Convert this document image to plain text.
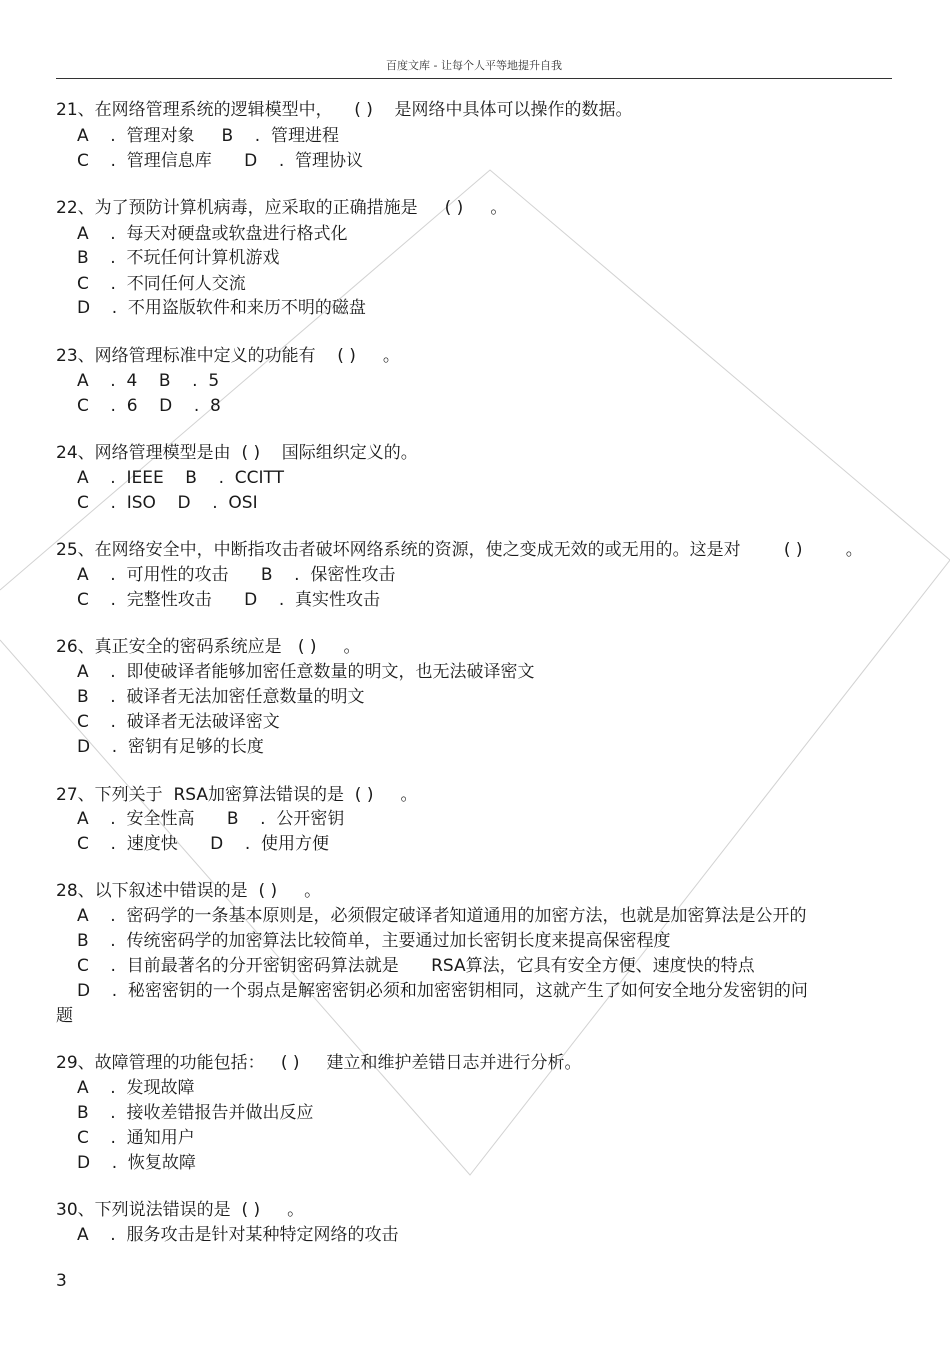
百度文库 - 让每个人平等地提升自我
21、在网络管理系统的逻辑模型中，    ( )    是网络中具体可以操作的数据。
A    .  管理对象     B    .  管理进程
C    .  管理信息库      D    .  管理协议
22、为了预防计算机病毒，应采取的正确措施是     ( )     。
A    .  每天对硬盘或软盘进行格式化
B    .  不玩任何计算机游戏
C    .  不同任何人交流
D    .  不用盗版软件和来历不明的磁盘
23、网络管理标准中定义的功能有    ( )     。
A    .  4    B    .  5
C    .  6    D    .  8
24、网络管理模型是由  ( )    国际组织定义的。
A    .  IEEE    B    .  CCITT
C    .  ISO    D    .  OSI
25、在网络安全中，中断指攻击者破坏网络系统的资源，使之变成无效的或无用的。这是对        ( )        。
A    .  可用性的攻击      B    .  保密性攻击
C    .  完整性攻击      D    .  真实性攻击
26、真正安全的密码系统应是   ( )     。
A    .  即使破译者能够加密任意数量的明文，也无法破译密文
B    .  破译者无法加密任意数量的明文
C    .  破译者无法破译密文
D    .  密钥有足够的长度
27、下列关于  RSA加密算法错误的是  ( )     。
A    .  安全性高      B    .  公开密钥
C    .  速度快      D    .  使用方便
28、以下叙述中错误的是  ( )     。
A    .  密码学的一条基本原则是，必须假定破译者知道通用的加密方法，也就是加密算法是公开的
B    .  传统密码学的加密算法比较简单，主要通过加长密钥长度来提高保密程度
C    .  目前最著名的分开密钥密码算法就是      RSA算法，它具有安全方便、速度快的特点
D    .  秘密密钥的一个弱点是解密密钥必须和加密密钥相同，这就产生了如何安全地分发密钥的问
题
29、故障管理的功能包括：   ( )     建立和维护差错日志并进行分析。
A    .  发现故障
B    .  接收差错报告并做出反应
C    .  通知用户
D    .  恢复故障
30、下列说法错误的是  ( )     。
A    .  服务攻击是针对某种特定网络的攻击
3
